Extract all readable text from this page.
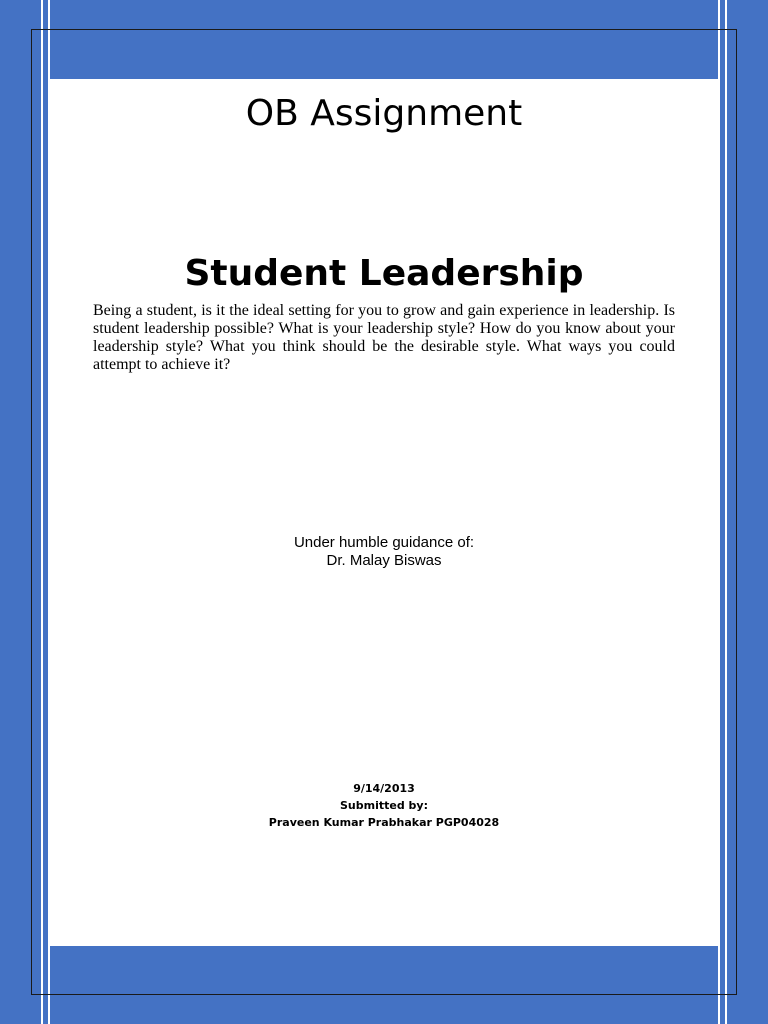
OB Assignment
Student Leadership

Being a student, is it the ideal setting for you to grow and gain experience in leadership. Is student leadership possible? What is your leadership style? How do you know about your leadership style? What you think should be the desirable style. What ways you could attempt to achieve it?

Under humble guidance of:
Dr. Malay Biswas
9/14/2013
Submitted by:
Praveen Kumar Prabhakar PGP04028
